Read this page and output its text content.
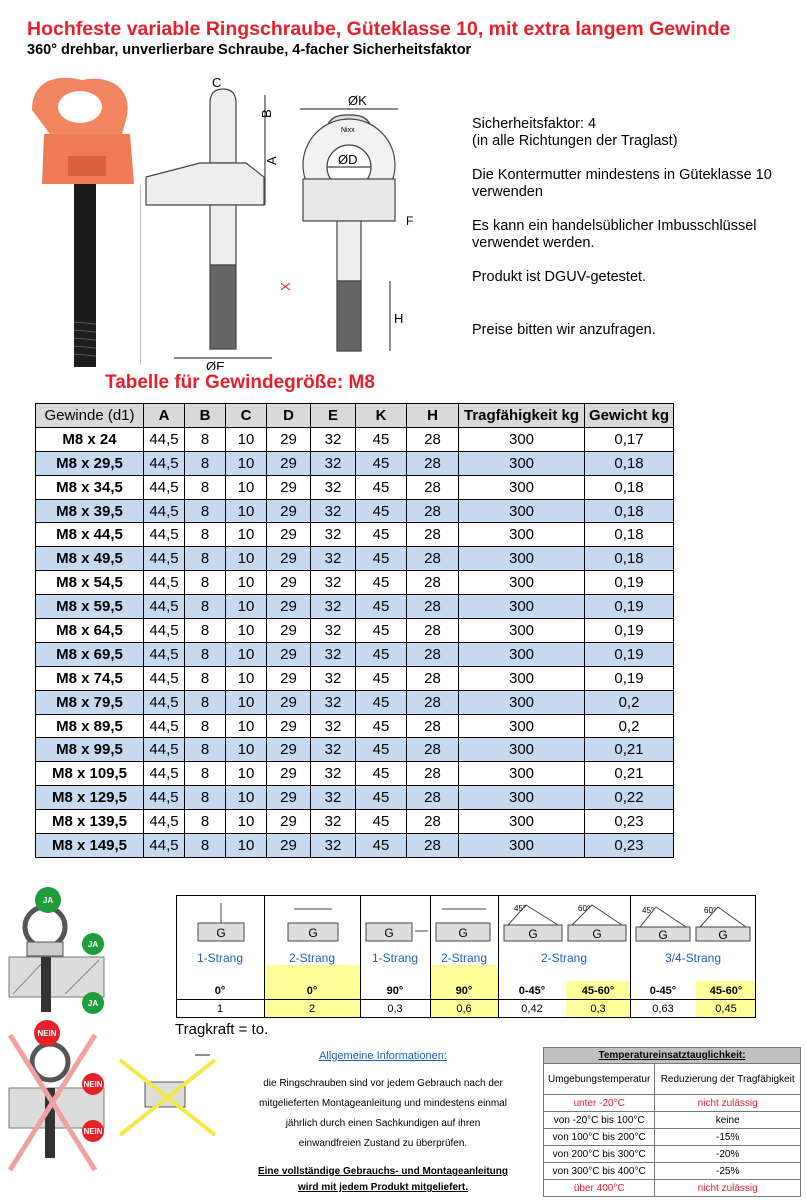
Hochfeste variable Ringschraube, Güteklasse 10, mit extra langem Gewinde
360° drehbar, unverlierbare Schraube, 4-facher Sicherheitsfaktor
C
B
A
X
H
ØE
ØK
ØD
F
Nixx	Sicherheitsfaktor: 4
(in alle Richtungen der Traglast)

Die Kontermutter mindestens in Güteklasse 10 verwenden

Es kann ein handelsüblicher Imbusschlüssel verwendet werden.

Produkt ist DGUV-getestet.

Preise bitten wir anzufragen.

Tabelle für Gewindegröße: M8
Gewinde (d1)	A	B	C	D	E	K	H	Tragfähigkeit kg	Gewicht kg
M8 x 24	44,5	8	10	29	32	45	28	300	0,17
M8 x 29,5	44,5	8	10	29	32	45	28	300	0,18
M8 x 34,5	44,5	8	10	29	32	45	28	300	0,18
M8 x 39,5	44,5	8	10	29	32	45	28	300	0,18
M8 x 44,5	44,5	8	10	29	32	45	28	300	0,18
M8 x 49,5	44,5	8	10	29	32	45	28	300	0,18
M8 x 54,5	44,5	8	10	29	32	45	28	300	0,19
M8 x 59,5	44,5	8	10	29	32	45	28	300	0,19
M8 x 64,5	44,5	8	10	29	32	45	28	300	0,19
M8 x 69,5	44,5	8	10	29	32	45	28	300	0,19
M8 x 74,5	44,5	8	10	29	32	45	28	300	0,19
M8 x 79,5	44,5	8	10	29	32	45	28	300	0,2
M8 x 89,5	44,5	8	10	29	32	45	28	300	0,2
M8 x 99,5	44,5	8	10	29	32	45	28	300	0,21
M8 x 109,5	44,5	8	10	29	32	45	28	300	0,21
M8 x 129,5	44,5	8	10	29	32	45	28	300	0,22
M8 x 139,5	44,5	8	10	29	32	45	28	300	0,23
M8 x 149,5	44,5	8	10	29	32	45	28	300	0,23
JA
JA
JA
NEIN
NEIN
NEIN
45°	60°	45°	60°
G	G	G	G	G	G	G	G
1-Strang	2-Strang	1-Strang	2-Strang	2-Strang	3/4-Strang
0°	0°	90°	90°	0-45°	45-60°	0-45°	45-60°
1	2	0,3	0,6	0,42	0,3	0,63	0,45
Tragkraft = to.
Allgemeine Informationen:
die Ringschrauben sind vor jedem Gebrauch nach der
mitgelieferten Montageanleitung und mindestens einmal
jährlich durch einen Sachkundigen auf ihren
einwandfreien Zustand zu überprüfen.
Eine vollständige Gebrauchs- und Montageanleitung
wird mit jedem Produkt mitgeliefert.
Temperatureinsatztauglichkeit:	
Umgebungstemperatur	Reduzierung der Tragfähigkeit
unter -20°C	nicht zulässig
von -20°C bis 100°C	keine
von 100°C bis 200°C	-15%
von 200°C bis 300°C	-20%
von 300°C bis 400°C	-25%
über 400°C	nicht zulässig
